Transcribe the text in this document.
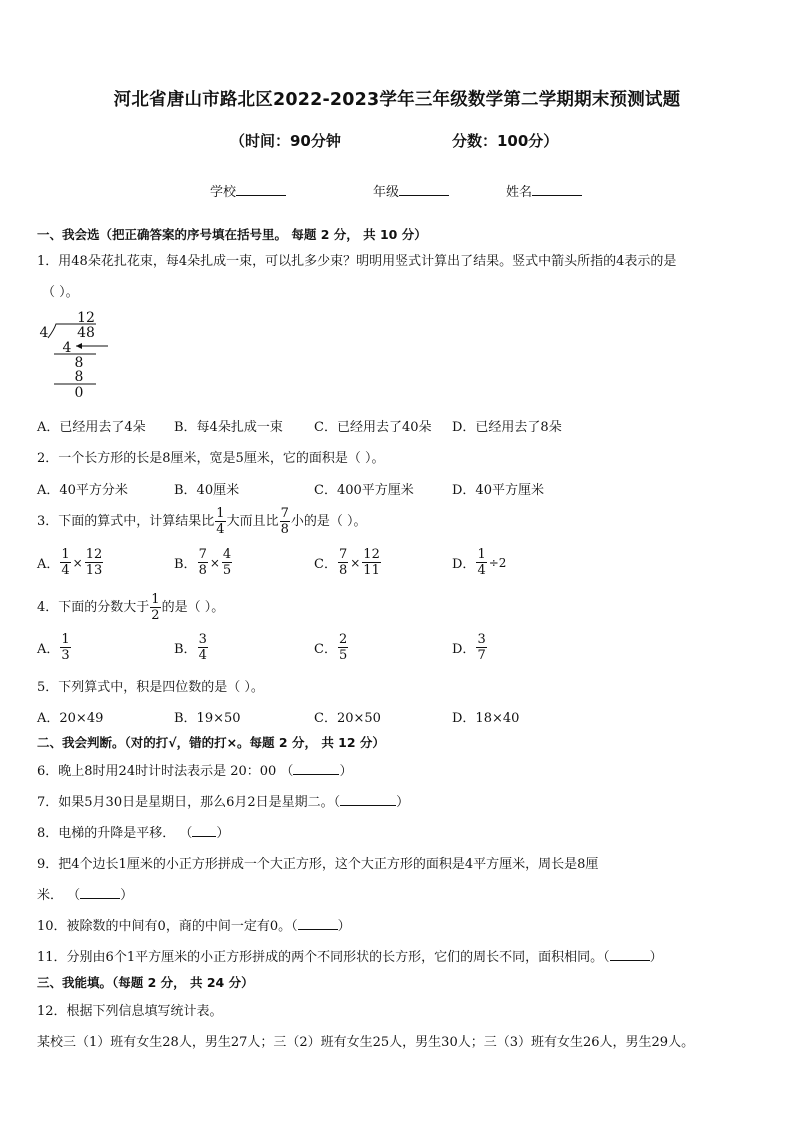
河北省唐山市路北区2022-2023学年三年级数学第二学期期末预测试题
（时间：90分钟	分数：100分）
学校	年级	姓名
一、我会选（把正确答案的序号填在括号里。 每题 2 分， 共 10 分）
1．用48朵花扎花束，每4朵扎成一束，可以扎多少束？明明用竖式计算出了结果。竖式中箭头所指的4表示的是
（ ）。
12
4 48
4
8
8
0
A．已经用去了4朵 B．每4朵扎成一束 C．已经用去了40朵 D．已经用去了8朵
2．一个长方形的长是8厘米，宽是5厘米，它的面积是（ ）。
A．40平方分米	B．40厘米	C．400平方厘米	D．40平方厘米
3．下面的算式中，计算结果比 $\frac{1}{4}$ 大而且比 $\frac{7}{8}$ 小的是（ ）。
A． $\frac{1}{4} \times \frac{12}{13}$	B． $\frac{7}{8} \times \frac{4}{5}$	C． $\frac{7}{8} \times \frac{12}{11}$	D． $\frac{1}{4} \div 2$
4．下面的分数大于 $\frac{1}{2}$ 的是（ ）。
A． $\frac{1}{3}$	B． $\frac{3}{4}$	C． $\frac{2}{5}$	D． $\frac{3}{7}$
5．下列算式中，积是四位数的是（ ）。
A．20×49	B．19×50	C．20×50	D．18×40
二、我会判断。（对的打√，错的打×。每题 2 分， 共 12 分）
6．晚上8时用24时计时法表示是 20：00 （	）
7．如果5月30日是星期日，那么6月2日是星期二。（	）
8．电梯的升降是平移． （ ）
9．把4个边长1厘米的小正方形拼成一个大正方形，这个大正方形的面积是4平方厘米，周长是8厘
米． （	）
10．被除数的中间有0，商的中间一定有0。（	）
11．分别由6个1平方厘米的小正方形拼成的两个不同形状的长方形，它们的周长不同，面积相同。（	）
三、我能填。（每题 2 分， 共 24 分）
12．根据下列信息填写统计表。
某校三（1）班有女生28人，男生27人；三（2）班有女生25人，男生30人；三（3）班有女生26人，男生29人。
